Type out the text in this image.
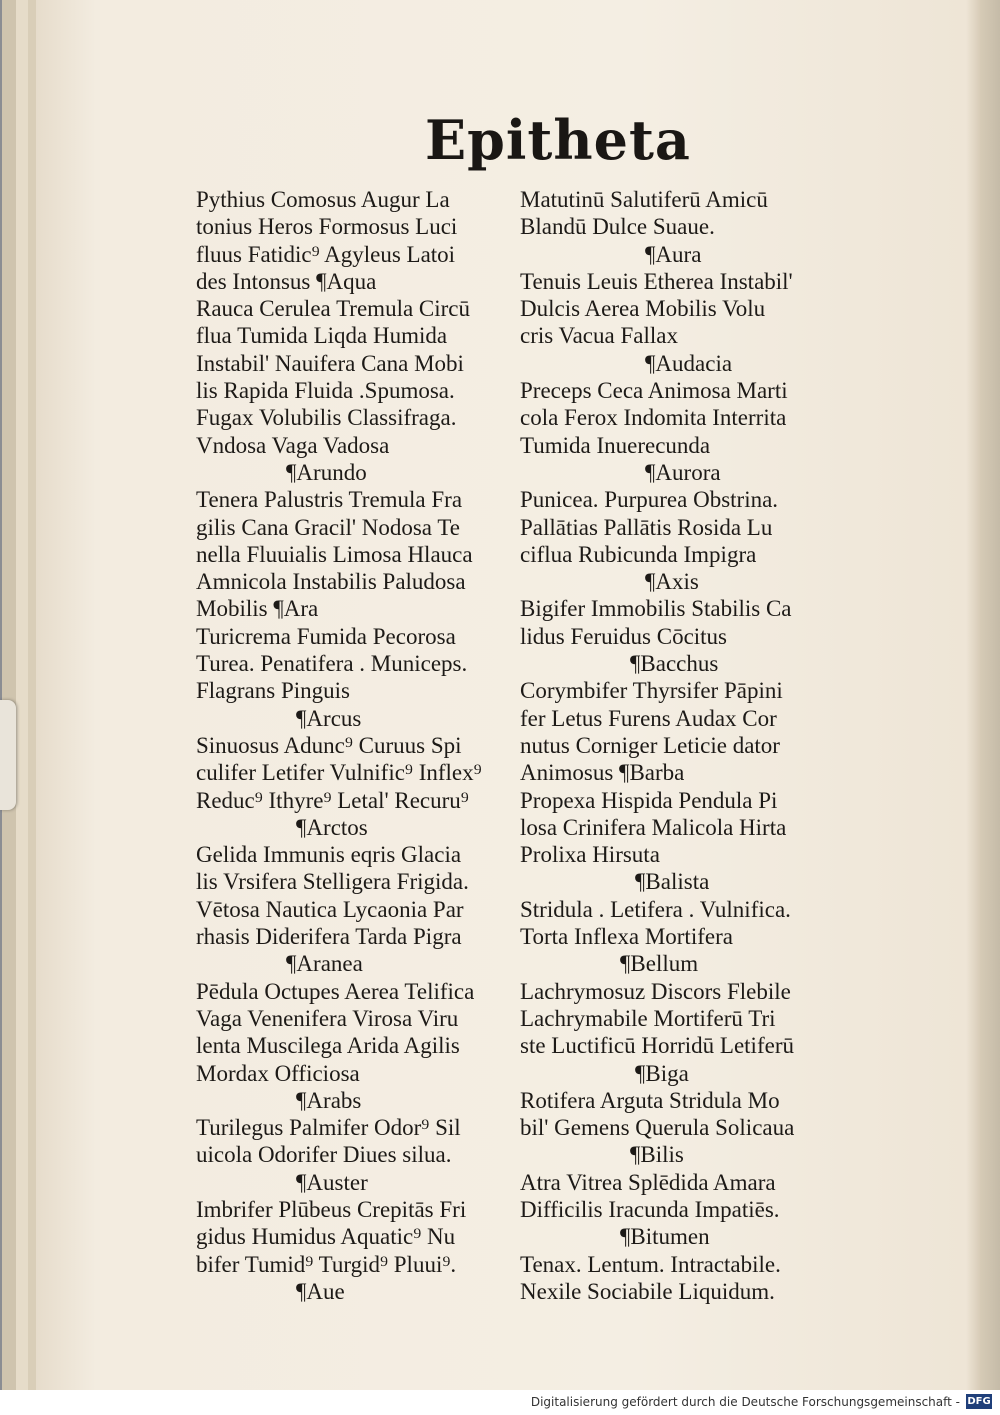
Epitheta
Pythius Comosus Augur La
tonius Heros Formosus Luci
fluus Fatidic⁹ Agyleus Latoi
des Intonsus ¶Aqua
Rauca Cerulea Tremula Circū
flua Tumida Liqda Humida
Instabil' Nauifera Cana Mobi
lis Rapida Fluida .Spumosa.
Fugax Volubilis Classifraga.
Vndosa Vaga Vadosa
¶Arundo
Tenera Palustris Tremula Fra
gilis Cana Gracil' Nodosa Te
nella Fluuialis Limosa Hlauca
Amnicola Instabilis Paludosa
Mobilis ¶Ara
Turicrema Fumida Pecorosa
Turea. Penatifera . Municeps.
Flagrans Pinguis
¶Arcus
Sinuosus Adunc⁹ Curuus Spi
culifer Letifer Vulnific⁹ Inflex⁹
Reduc⁹ Ithyre⁹ Letal' Recuru⁹
¶Arctos
Gelida Immunis eqris Glacia
lis Vrsifera Stelligera Frigida.
Vētosa Nautica Lycaonia Par
rhasis Diderifera Tarda Pigra
¶Aranea
Pēdula Octupes Aerea Telifica
Vaga Venenifera Virosa Viru
lenta Muscilega Arida Agilis
Mordax Officiosa
¶Arabs
Turilegus Palmifer Odor⁹ Sil
uicola Odorifer Diues silua.
¶Auster
Imbrifer Plūbeus Crepitās Fri
gidus Humidus Aquatic⁹ Nu
bifer Tumid⁹ Turgid⁹ Pluui⁹.
¶Aue
Matutinū Salutiferū Amicū
Blandū Dulce Suaue.
¶Aura
Tenuis Leuis Etherea Instabil'
Dulcis Aerea Mobilis Volu
cris Vacua Fallax
¶Audacia
Preceps Ceca Animosa Marti
cola Ferox Indomita Interrita
Tumida Inuerecunda
¶Aurora
Punicea. Purpurea Obstrina.
Pallātias Pallātis Rosida Lu
ciflua Rubicunda Impigra
¶Axis
Bigifer Immobilis Stabilis Ca
lidus Feruidus Cōcitus
¶Bacchus
Corymbifer Thyrsifer Pāpini
fer Letus Furens Audax Cor
nutus Corniger Leticie dator
Animosus ¶Barba
Propexa Hispida Pendula Pi
losa Crinifera Malicola Hirta
Prolixa Hirsuta
¶Balista
Stridula . Letifera . Vulnifica.
Torta Inflexa Mortifera
¶Bellum
Lachrymosuz Discors Flebile
Lachrymabile Mortiferū Tri
ste Luctificū Horridū Letiferū
¶Biga
Rotifera Arguta Stridula Mo
bil' Gemens Querula Solicaua
¶Bilis
Atra Vitrea Splēdida Amara
Difficilis Iracunda Impatiēs.
¶Bitumen
Tenax. Lentum. Intractabile.
Nexile Sociabile Liquidum.
Digitalisierung gefördert durch die Deutsche Forschungsgemeinschaft - DFG
